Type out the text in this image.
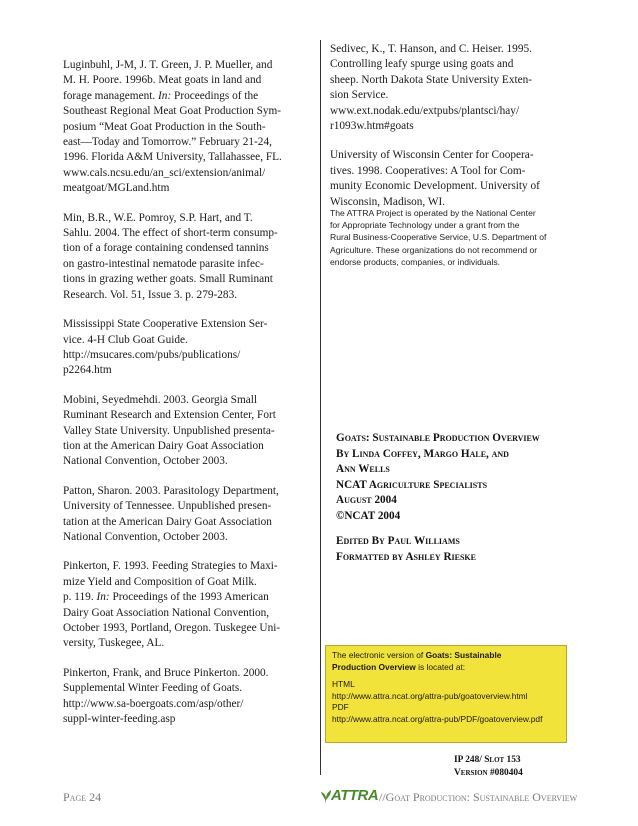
Luginbuhl, J-M, J. T. Green, J. P. Mueller, and
M. H. Poore. 1996b. Meat goats in land and
forage management. In: Proceedings of the
Southeast Regional Meat Goat Production Sym-
posium “Meat Goat Production in the South-
east—Today and Tomorrow.” February 21-24,
1996. Florida A&M University, Tallahassee, FL.
www.cals.ncsu.edu/an_sci/extension/animal/
meatgoat/MGLand.htm
Min, B.R., W.E. Pomroy, S.P. Hart, and T.
Sahlu. 2004. The effect of short-term consump-
tion of a forage containing condensed tannins
on gastro-intestinal nematode parasite infec-
tions in grazing wether goats. Small Ruminant
Research. Vol. 51, Issue 3. p. 279-283.
Mississippi State Cooperative Extension Ser-
vice. 4-H Club Goat Guide.
http://msucares.com/pubs/publications/
p2264.htm
Mobini, Seyedmehdi. 2003. Georgia Small
Ruminant Research and Extension Center, Fort
Valley State University. Unpublished presenta-
tion at the American Dairy Goat Association
National Convention, October 2003.
Patton, Sharon. 2003. Parasitology Department,
University of Tennessee. Unpublished presen-
tation at the American Dairy Goat Association
National Convention, October 2003.
Pinkerton, F. 1993. Feeding Strategies to Maxi-
mize Yield and Composition of Goat Milk.
p. 119. In: Proceedings of the 1993 American
Dairy Goat Association National Convention,
October 1993, Portland, Oregon. Tuskegee Uni-
versity, Tuskegee, AL.
Pinkerton, Frank, and Bruce Pinkerton. 2000.
Supplemental Winter Feeding of Goats.
http://www.sa-boergoats.com/asp/other/
suppl-winter-feeding.asp
Sedivec, K., T. Hanson, and C. Heiser. 1995.
Controlling leafy spurge using goats and
sheep. North Dakota State University Exten-
sion Service.
www.ext.nodak.edu/extpubs/plantsci/hay/
r1093w.htm#goats
University of Wisconsin Center for Coopera-
tives. 1998. Cooperatives: A Tool for Com-
munity Economic Development. University of
Wisconsin, Madison, WI.
The ATTRA Project is operated by the National Center
for Appropriate Technology under a grant from the
Rural Business-Cooperative Service, U.S. Department of
Agriculture. These organizations do not recommend or
endorse products, companies, or individuals.
Goats: Sustainable Production Overview
By Linda Coffey, Margo Hale, and
Ann Wells
NCAT Agriculture Specialists
August 2004
©NCAT 2004
Edited By Paul Williams
Formatted by Ashley Rieske
The electronic version of Goats: Sustainable
Production Overview is located at:
HTML
http://www.attra.ncat.org/attra-pub/goatoverview.html
PDF
http://www.attra.ncat.org/attra-pub/PDF/goatoverview.pdf
IP 248/ Slot 153
Version #080404
Page 24	ATTRA //Goat Production: Sustainable Overview
